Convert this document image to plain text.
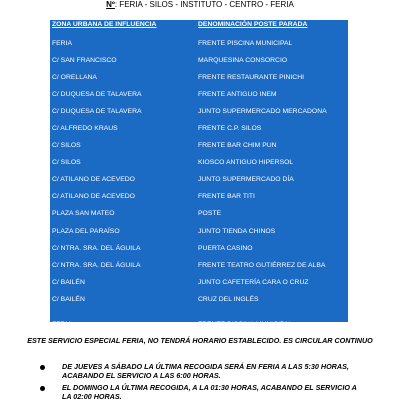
Nº: FERIA - SILOS - INSTITUTO - CENTRO - FERIA
ZONA URBANA DE INFLUENCIA	DENOMINACIÓN POSTE PARADA
FERIA	FRENTE PISCINA MUNICIPAL
C/ SAN FRANCISCO	MARQUESINA CONSORCIO
C/ ORELLANA	FRENTE RESTAURANTE PINICHI
C/ DUQUESA DE TALAVERA	FRENTE ANTIGUO INEM
C/ DUQUESA DE TALAVERA	JUNTO SUPERMERCADO MERCADONA
C/ ALFREDO KRAUS	FRENTE C.P. SILOS
C/ SILOS	FRENTE BAR CHIM PUN
C/ SILOS	KIOSCO ANTIGUO HIPERSOL
C/ ATILANO DE ACEVEDO	JUNTO SUPERMERCADO DÍA
C/ ATILANO DE ACEVEDO	FRENTE BAR TITI
PLAZA SAN MATEO	POSTE
PLAZA DEL PARAÍSO	JUNTO TIENDA CHINOS
C/ NTRA. SRA. DEL ÁGUILA	PUERTA CASINO
C/ NTRA. SRA. DEL ÁGUILA	FRENTE TEATRO GUTIÉRREZ DE ALBA
C/ BAILÉN	JUNTO CAFETERÍA CARA O CRUZ
C/ BAILÉN	CRUZ DEL INGLÉS
FERIA	FRENTE PISCINA MUNICIPAL
ESTE SERVICIO ESPECIAL FERIA, NO TENDRÁ HORARIO ESTABLECIDO. ES CIRCULAR CONTINUO
DE JUEVES A SÁBADO LA ÚLTIMA RECOGIDA SERÁ EN FERIA A LAS 5:30 HORAS, ACABANDO EL SERVICIO A LAS 6:00 HORAS.
EL DOMINGO LA ÚLTIMA RECOGIDA, A LA 01:30 HORAS, ACABANDO EL SERVICIO A LA 02:00 HORAS.
